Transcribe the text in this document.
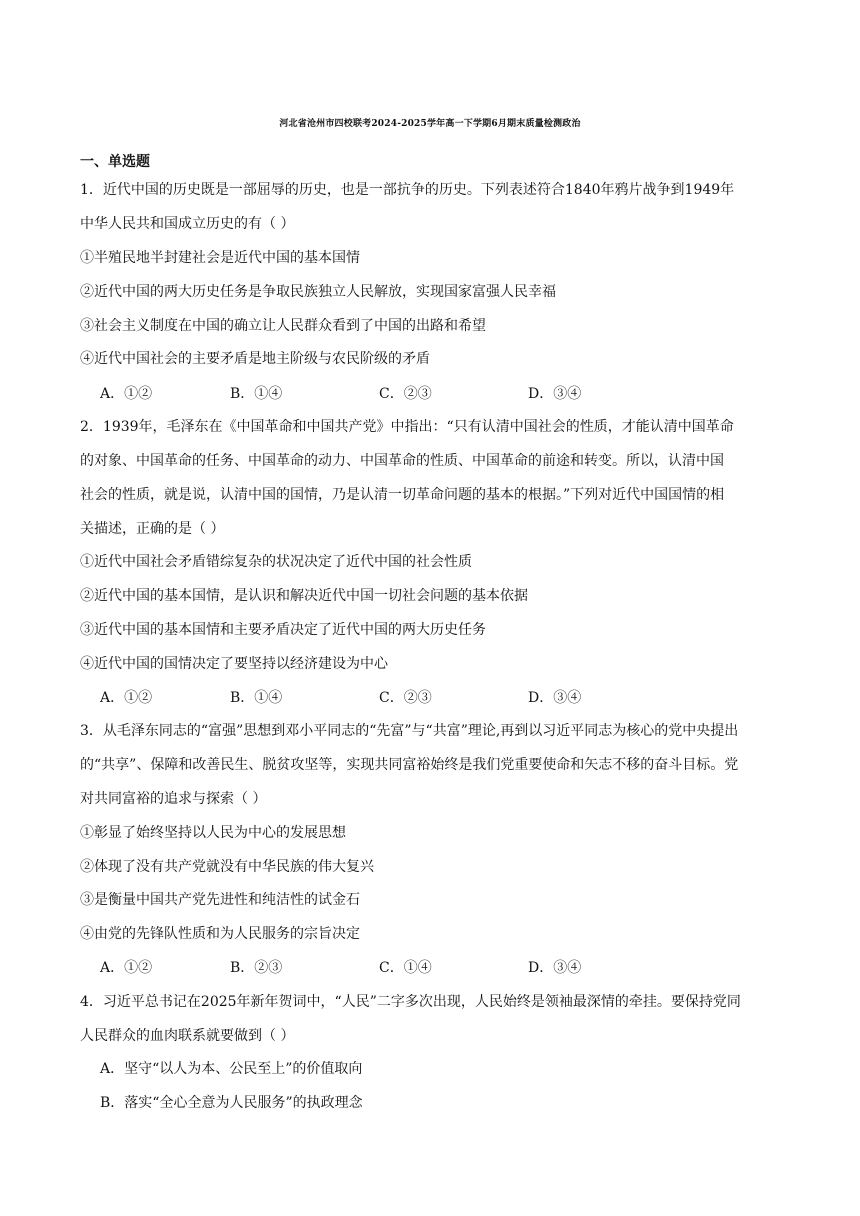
河北省沧州市四校联考2024-2025学年高一下学期6月期末质量检测政治
一、单选题
1．近代中国的历史既是一部屈辱的历史，也是一部抗争的历史。下列表述符合1840年鸦片战争到1949年
中华人民共和国成立历史的有（ ）
①半殖民地半封建社会是近代中国的基本国情
②近代中国的两大历史任务是争取民族独立人民解放，实现国家富强人民幸福
③社会主义制度在中国的确立让人民群众看到了中国的出路和希望
④近代中国社会的主要矛盾是地主阶级与农民阶级的矛盾
A．①②	B．①④	C．②③	D．③④
2．1939年，毛泽东在《中国革命和中国共产党》中指出：“只有认清中国社会的性质，才能认清中国革命
的对象、中国革命的任务、中国革命的动力、中国革命的性质、中国革命的前途和转变。所以，认清中国
社会的性质，就是说，认清中国的国情，乃是认清一切革命问题的基本的根据。”下列对近代中国国情的相
关描述，正确的是（ ）
①近代中国社会矛盾错综复杂的状况决定了近代中国的社会性质
②近代中国的基本国情，是认识和解决近代中国一切社会问题的基本依据
③近代中国的基本国情和主要矛盾决定了近代中国的两大历史任务
④近代中国的国情决定了要坚持以经济建设为中心
A．①②	B．①④	C．②③	D．③④
3．从毛泽东同志的“富强”思想到邓小平同志的“先富”与“共富”理论,再到以习近平同志为核心的党中央提出
的“共享”、保障和改善民生、脱贫攻坚等，实现共同富裕始终是我们党重要使命和矢志不移的奋斗目标。党
对共同富裕的追求与探索（ ）
①彰显了始终坚持以人民为中心的发展思想
②体现了没有共产党就没有中华民族的伟大复兴
③是衡量中国共产党先进性和纯洁性的试金石
④由党的先锋队性质和为人民服务的宗旨决定
A．①②	B．②③	C．①④	D．③④
4．习近平总书记在2025年新年贺词中，“人民”二字多次出现，人民始终是领袖最深情的牵挂。要保持党同
人民群众的血肉联系就要做到（ ）
A．坚守“以人为本、公民至上”的价值取向
B．落实“全心全意为人民服务”的执政理念
